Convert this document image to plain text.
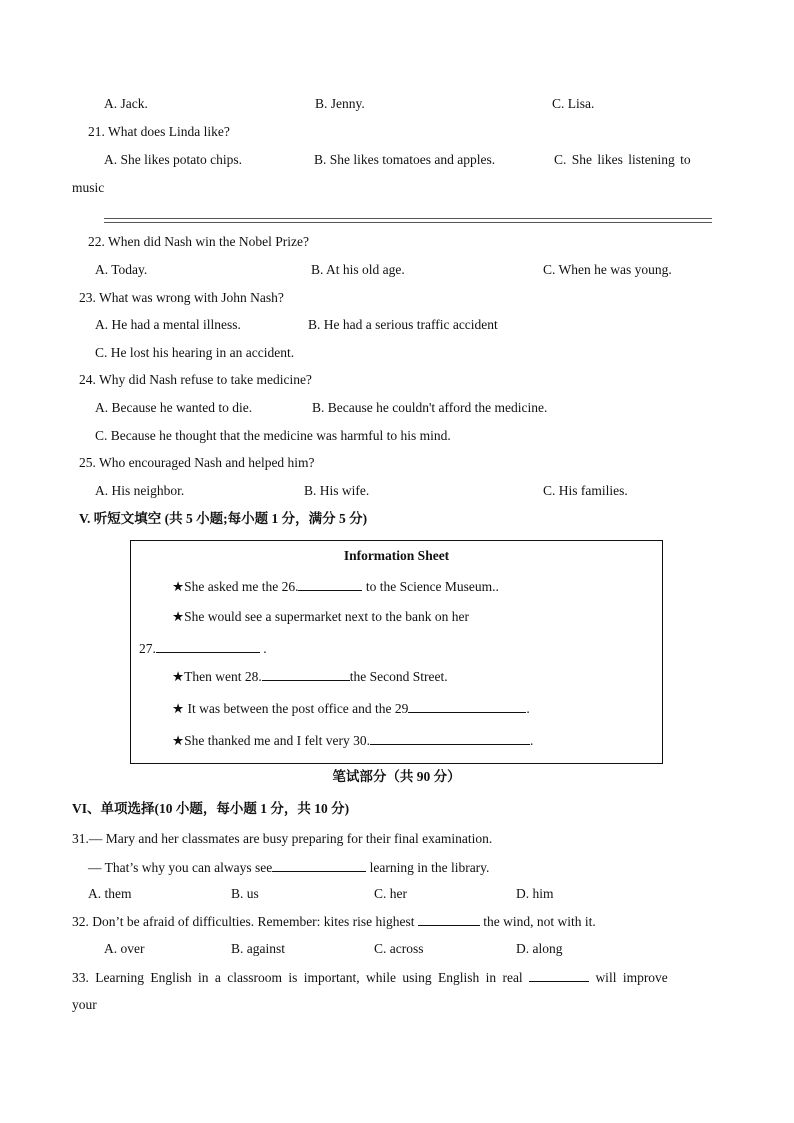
A. Jack.	B. Jenny.	C. Lisa.
21. What does Linda like?
A. She likes potato chips.	B. She likes tomatoes and apples.	C. She likes listening to
music
22. When did Nash win the Nobel Prize?
A. Today.	B. At his old age.	C. When he was young.
23. What was wrong with John Nash?
A. He had a mental illness.	B. He had a serious traffic accident
C. He lost his hearing in an accident.
24. Why did Nash refuse to take medicine?
A. Because he wanted to die.	B. Because he couldn't afford the medicine.
C. Because he thought that the medicine was harmful to his mind.
25. Who encouraged Nash and helped him?
A. His neighbor.	B. His wife.	C. His families.
V. 听短文填空 (共 5 小题;每小题 1 分，满分 5 分)
Information Sheet
★She asked me the 26.	to the Science Museum..
★She would see a supermarket next to the bank on her
27.	.
★Then went 28.	the Second Street.
★ It was between the post office and the 29	.
★She thanked me and I felt very 30.	.
笔试部分（共 90 分）
VI、单项选择(10 小题，每小题 1 分，共 10 分)
31.— Mary and her classmates are busy preparing for their final examination.
— That’s why you can always see	learning in the library.
A. them	B. us	C. her	D. him
32. Don’t be afraid of difficulties. Remember: kites rise highest	the wind, not with it.
A. over	B. against	C. across	D. along
33. Learning English in a classroom is important, while using English in real	will improve
your
